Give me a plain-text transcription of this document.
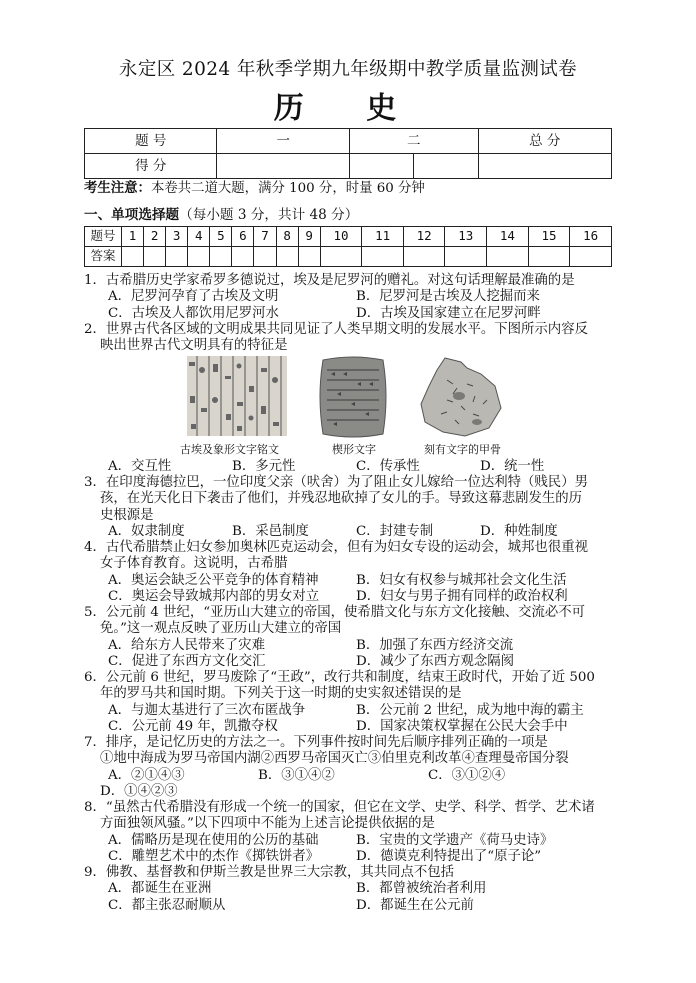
永定区 2024 年秋季学期九年级期中教学质量监测试卷
历 史
题 号	一	二		总 分
得 分				
考生注意：本卷共二道大题，满分 100 分，时量 60 分钟
一、单项选择题（每小题 3 分，共计 48 分）
题号	1	2	3	4	5	6	7	8	9	10	11	12	13	14	15	16
答案																
1．古希腊历史学家希罗多德说过，埃及是尼罗河的赠礼。对这句话理解最准确的是
A．尼罗河孕育了古埃及文明	B．尼罗河是古埃及人挖掘而来
C．古埃及人都饮用尼罗河水	D．古埃及国家建立在尼罗河畔
2．世界古代各区域的文明成果共同见证了人类早期文明的发展水平。下图所示内容反
映出世界古代文明具有的特征是
古埃及象形文字铭文	楔形文字	刻有文字的甲骨
A．交互性	B．多元性	C．传承性	D．统一性
3．在印度海德拉巴，一位印度父亲（吠舍）为了阻止女儿嫁给一位达利特（贱民）男
孩，在光天化日下袭击了他们，并残忍地砍掉了女儿的手。导致这幕悲剧发生的历
史根源是
A．奴隶制度	B．采邑制度	C．封建专制	D．种姓制度
4．古代希腊禁止妇女参加奥林匹克运动会，但有为妇女专设的运动会，城邦也很重视
女子体育教育。这说明，古希腊
A．奥运会缺乏公平竞争的体育精神	B．妇女有权参与城邦社会文化生活
C．奥运会导致城邦内部的男女对立	D．妇女与男子拥有同样的政治权利
5．公元前 4 世纪，“亚历山大建立的帝国，使希腊文化与东方文化接触、交流必不可
免。”这一观点反映了亚历山大建立的帝国
A．给东方人民带来了灾难	B．加强了东西方经济交流
C．促进了东西方文化交汇	D．减少了东西方观念隔阂
6．公元前 6 世纪，罗马废除了“王政”，改行共和制度，结束王政时代，开始了近 500
年的罗马共和国时期。下列关于这一时期的史实叙述错误的是
A．与迦太基进行了三次布匿战争	B．公元前 2 世纪，成为地中海的霸主
C．公元前 49 年，凯撒夺权	D．国家决策权掌握在公民大会手中
7．排序，是记忆历史的方法之一。下列事件按时间先后顺序排列正确的一项是
①地中海成为罗马帝国内湖②西罗马帝国灭亡③伯里克利改革④查理曼帝国分裂
A．②①④③	B．③①④②	C．③①②④
D．①④②③
8．“虽然古代希腊没有形成一个统一的国家，但它在文学、史学、科学、哲学、艺术诸
方面独领风骚。”以下四项中不能为上述言论提供依据的是
A．儒略历是现在使用的公历的基础	B．宝贵的文学遗产《荷马史诗》
C．雕塑艺术中的杰作《掷铁饼者》	D．德谟克利特提出了“原子论”
9．佛教、基督教和伊斯兰教是世界三大宗教，其共同点不包括
A．都诞生在亚洲	B．都曾被统治者利用
C．都主张忍耐顺从	D．都诞生在公元前
